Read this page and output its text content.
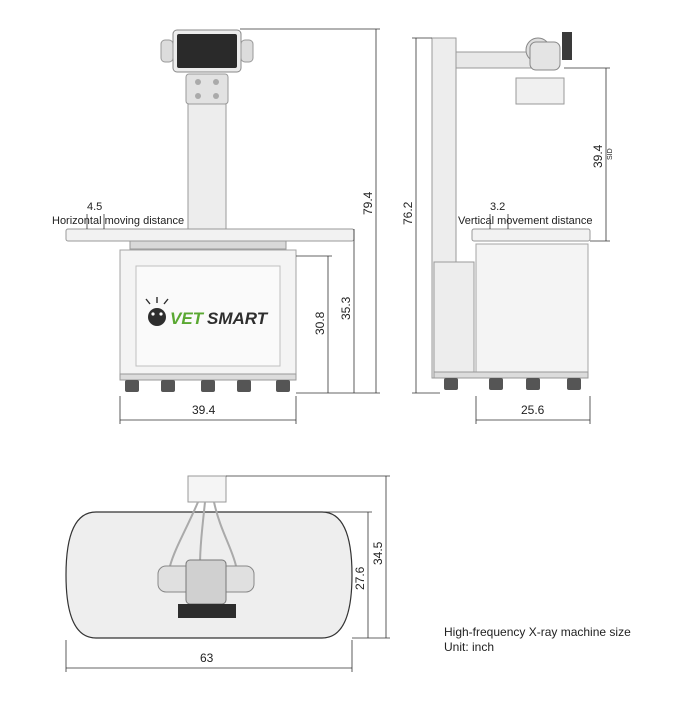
VET SMART
79.4
35.3
30.8
39.4
4.5
Horizontal moving distance	76.2
39.4 SID
3.2
Vertical movement distance
25.6
34.5
27.6
63
High-frequency X-ray machine size
Unit: inch
